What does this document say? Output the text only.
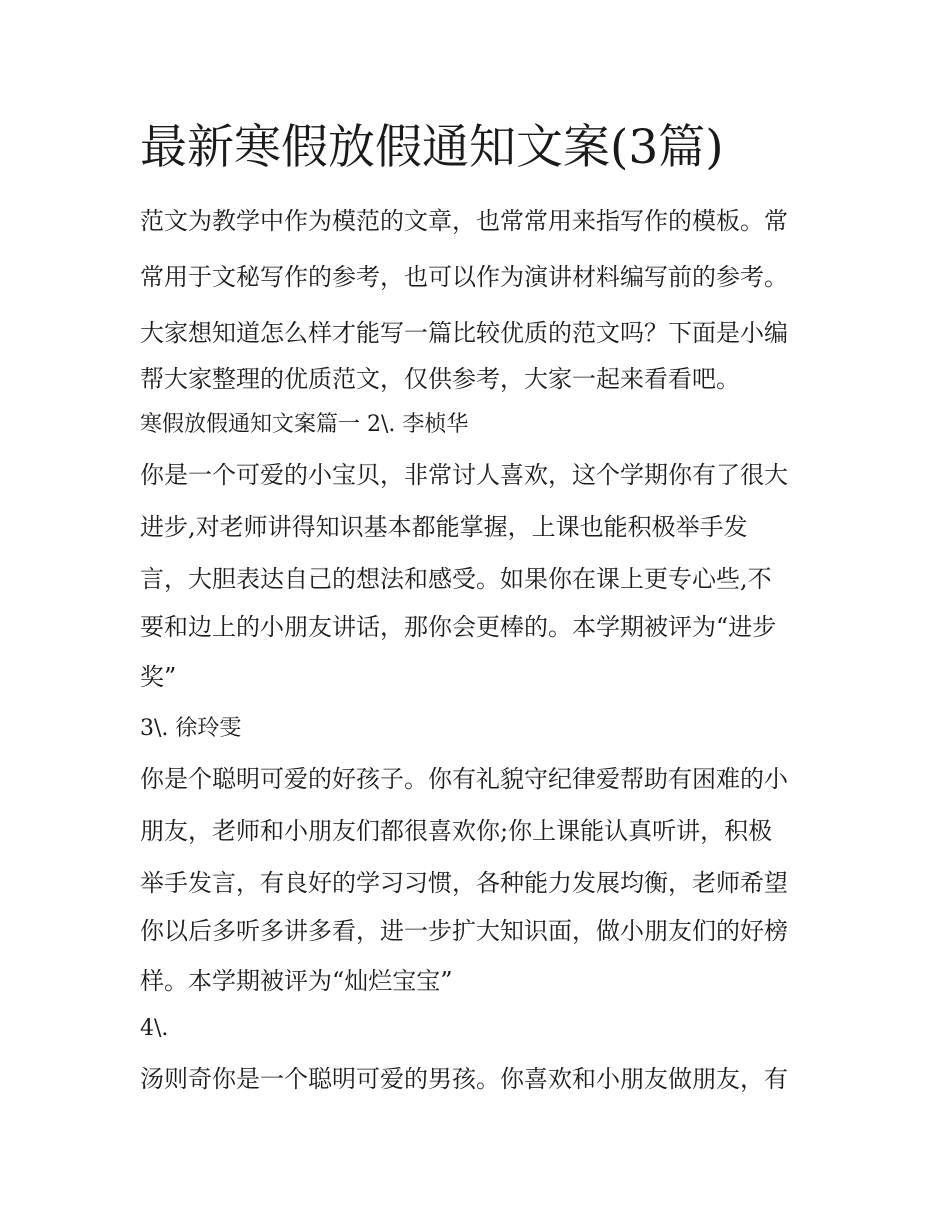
最新寒假放假通知文案(3篇)

范文为教学中作为模范的文章，也常常用来指写作的模板。常

常用于文秘写作的参考，也可以作为演讲材料编写前的参考。

大家想知道怎么样才能写一篇比较优质的范文吗？下面是小编

帮大家整理的优质范文，仅供参考，大家一起来看看吧。

寒假放假通知文案篇一 2\. 李桢华

你是一个可爱的小宝贝，非常讨人喜欢，这个学期你有了很大

进步,对老师讲得知识基本都能掌握，上课也能积极举手发

言，大胆表达自己的想法和感受。如果你在课上更专心些,不

要和边上的小朋友讲话，那你会更棒的。本学期被评为“进步

奖”

3\. 徐玲雯

你是个聪明可爱的好孩子。你有礼貌守纪律爱帮助有困难的小

朋友，老师和小朋友们都很喜欢你;你上课能认真听讲，积极

举手发言，有良好的学习习惯，各种能力发展均衡，老师希望

你以后多听多讲多看，进一步扩大知识面，做小朋友们的好榜

样。本学期被评为“灿烂宝宝”

4\.

汤则奇你是一个聪明可爱的男孩。你喜欢和小朋友做朋友，有
